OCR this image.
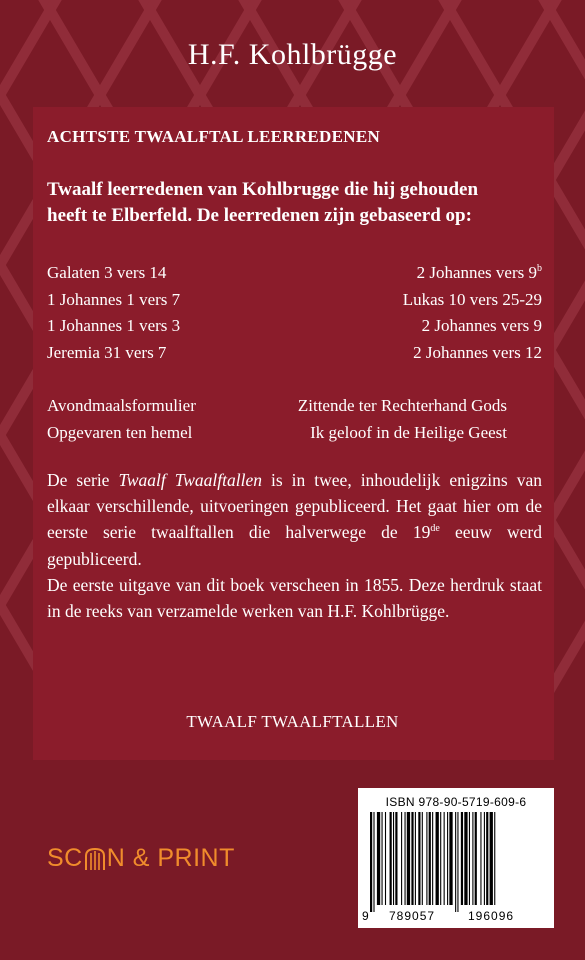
H.F. Kohlbrügge
ACHTSTE TWAALFTAL LEERREDENEN
Twaalf leerredenen van Kohlbrugge die hij gehouden
heeft te Elberfeld. De leerredenen zijn gebaseerd op:
Galaten 3 vers 14	2 Johannes vers 9$^b$
1 Johannes 1 vers 7	Lukas 10 vers 25-29
1 Johannes 1 vers 3	2 Johannes vers 9
Jeremia 31 vers 7	2 Johannes vers 12
Avondmaalsformulier	Zittende ter Rechterhand Gods
Opgevaren ten hemel	Ik geloof in de Heilige Geest
De serie Twaalf Twaalftallen is in twee, inhoudelijk enigzins van elkaar verschillende, uitvoeringen gepubliceerd. Het gaat hier om de eerste serie twaalftallen die halverwege de 19de eeuw werd gepubliceerd.
De eerste uitgave van dit boek verscheen in 1855. Deze herdruk staat in de reeks van verzamelde werken van H.F. Kohlbrügge.
TWAALF TWAALFTALLEN
SC N & PRINT
ISBN 978-90-5719-609-6
9 789057	196096
